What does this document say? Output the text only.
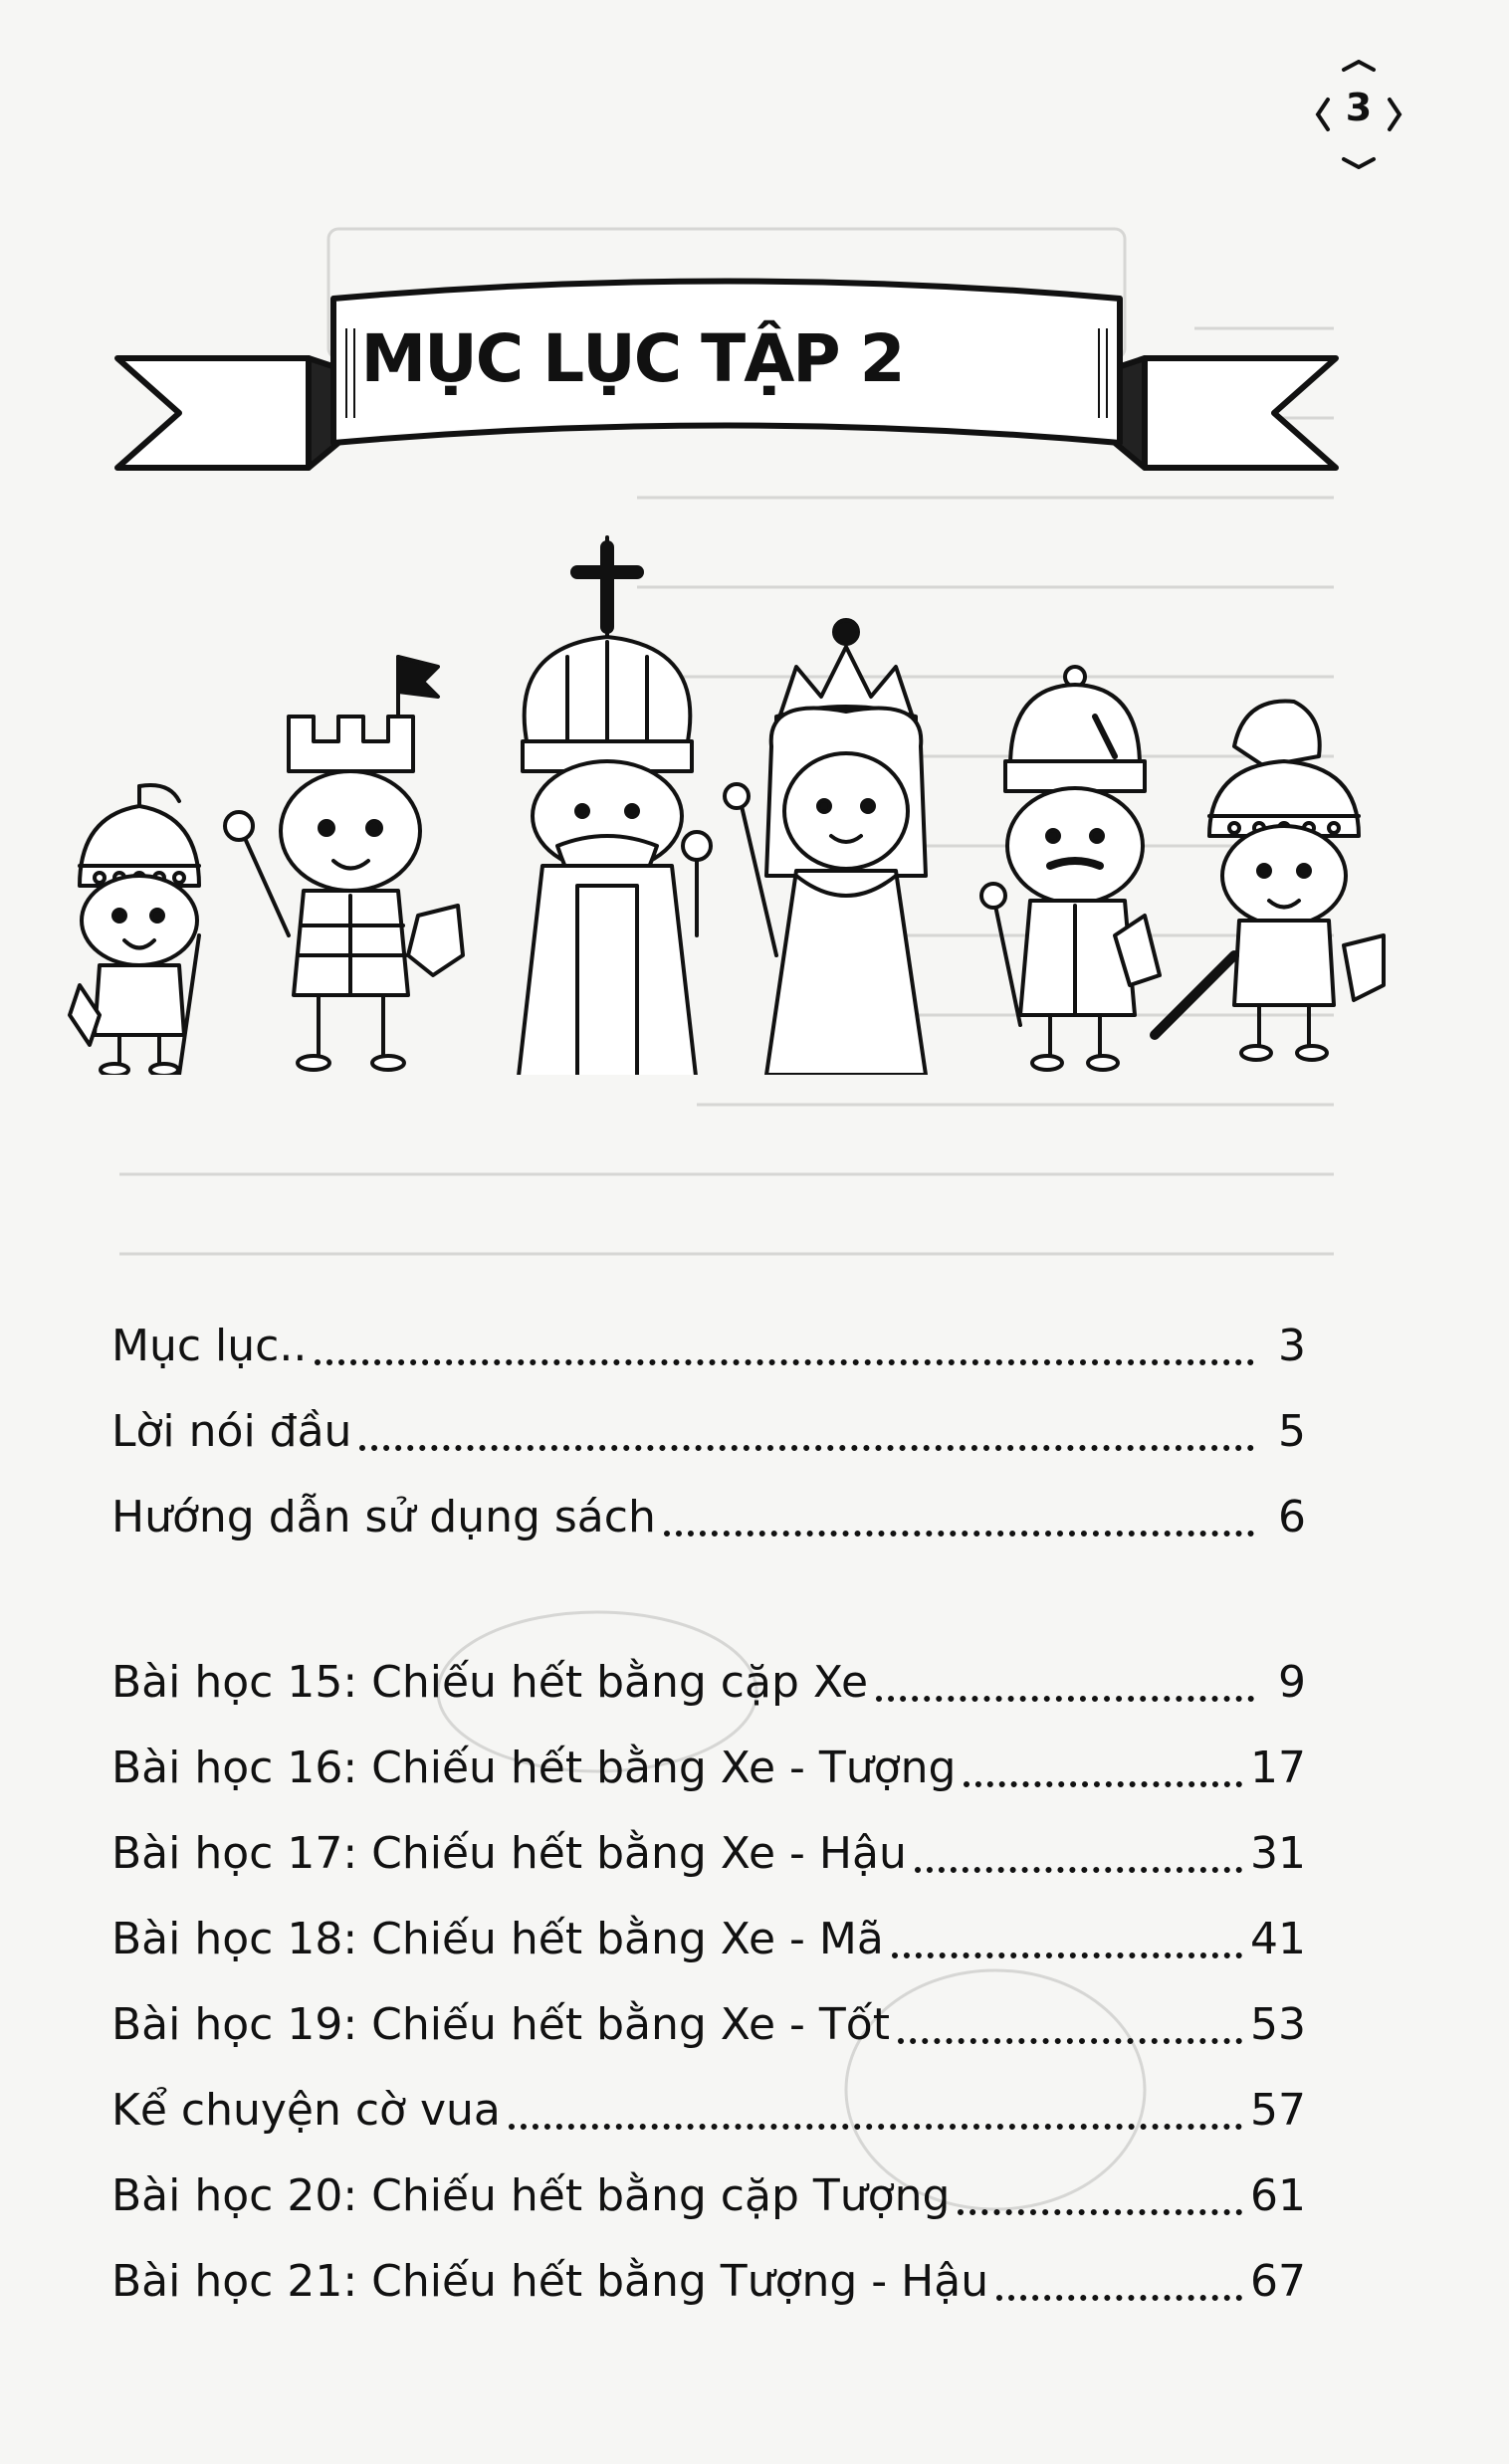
3
MỤC LỤC TẬP 2
Mục lục..	3
Lời nói đầu	5
Hướng dẫn sử dụng sách	6
Bài học 15: Chiếu hết bằng cặp Xe	9
Bài học 16: Chiếu hết bằng Xe - Tượng	17
Bài học 17: Chiếu hết bằng Xe - Hậu	31
Bài học 18: Chiếu hết bằng Xe - Mã	41
Bài học 19: Chiếu hết bằng Xe - Tốt	53
Kể chuyện cờ vua	57
Bài học 20: Chiếu hết bằng cặp Tượng	61
Bài học 21: Chiếu hết bằng Tượng - Hậu	67
